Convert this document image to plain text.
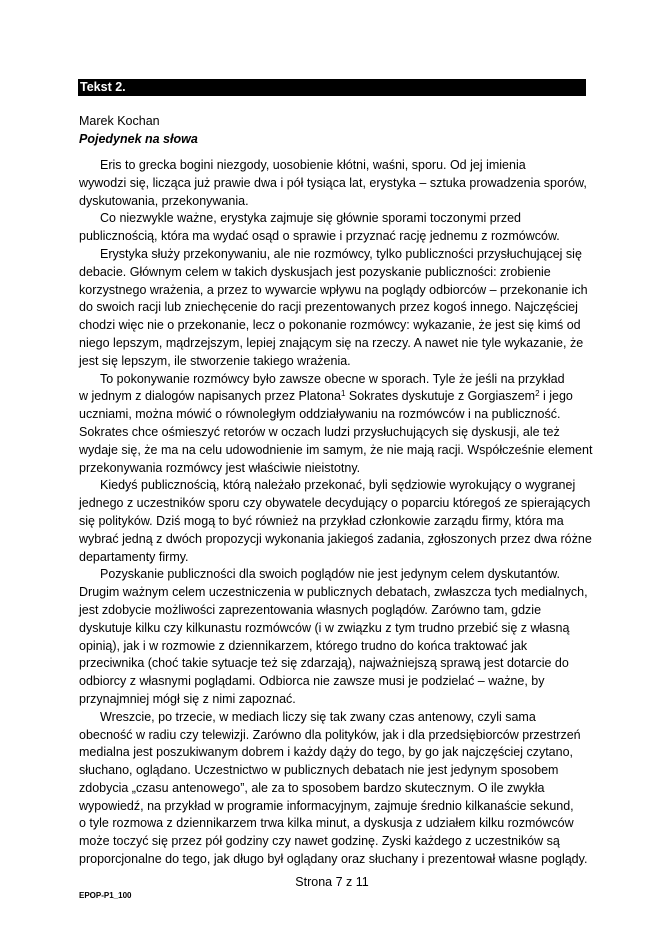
Tekst 2.
Marek Kochan
Pojedynek na słowa

Eris to grecka bogini niezgody, uosobienie kłótni, waśni, sporu. Od jej imienia
wywodzi się, licząca już prawie dwa i pół tysiąca lat, erystyka – sztuka prowadzenia sporów,
dyskutowania, przekonywania.

Co niezwykle ważne, erystyka zajmuje się głównie sporami toczonymi przed
publicznością, która ma wydać osąd o sprawie i przyznać rację jednemu z rozmówców.

Erystyka służy przekonywaniu, ale nie rozmówcy, tylko publiczności przysłuchującej się
debacie. Głównym celem w takich dyskusjach jest pozyskanie publiczności: zrobienie
korzystnego wrażenia, a przez to wywarcie wpływu na poglądy odbiorców – przekonanie ich
do swoich racji lub zniechęcenie do racji prezentowanych przez kogoś innego. Najczęściej
chodzi więc nie o przekonanie, lecz o pokonanie rozmówcy: wykazanie, że jest się kimś od
niego lepszym, mądrzejszym, lepiej znającym się na rzeczy. A nawet nie tyle wykazanie, że
jest się lepszym, ile stworzenie takiego wrażenia.

To pokonywanie rozmówcy było zawsze obecne w sporach. Tyle że jeśli na przykład
w jednym z dialogów napisanych przez Platona$^1$ Sokrates dyskutuje z Gorgiaszem$^2$ i jego
uczniami, można mówić o równoległym oddziaływaniu na rozmówców i na publiczność.
Sokrates chce ośmieszyć retorów w oczach ludzi przysłuchujących się dyskusji, ale też
wydaje się, że ma na celu udowodnienie im samym, że nie mają racji. Współcześnie element
przekonywania rozmówcy jest właściwie nieistotny.

Kiedyś publicznością, którą należało przekonać, byli sędziowie wyrokujący o wygranej
jednego z uczestników sporu czy obywatele decydujący o poparciu któregoś ze spierających
się polityków. Dziś mogą to być również na przykład członkowie zarządu firmy, która ma
wybrać jedną z dwóch propozycji wykonania jakiegoś zadania, zgłoszonych przez dwa różne
departamenty firmy.

Pozyskanie publiczności dla swoich poglądów nie jest jedynym celem dyskutantów.
Drugim ważnym celem uczestniczenia w publicznych debatach, zwłaszcza tych medialnych,
jest zdobycie możliwości zaprezentowania własnych poglądów. Zarówno tam, gdzie
dyskutuje kilku czy kilkunastu rozmówców (i w związku z tym trudno przebić się z własną
opinią), jak i w rozmowie z dziennikarzem, którego trudno do końca traktować jak
przeciwnika (choć takie sytuacje też się zdarzają), najważniejszą sprawą jest dotarcie do
odbiorcy z własnymi poglądami. Odbiorca nie zawsze musi je podzielać – ważne, by
przynajmniej mógł się z nimi zapoznać.

Wreszcie, po trzecie, w mediach liczy się tak zwany czas antenowy, czyli sama
obecność w radiu czy telewizji. Zarówno dla polityków, jak i dla przedsiębiorców przestrzeń
medialna jest poszukiwanym dobrem i każdy dąży do tego, by go jak najczęściej czytano,
słuchano, oglądano. Uczestnictwo w publicznych debatach nie jest jedynym sposobem
zdobycia „czasu antenowego”, ale za to sposobem bardzo skutecznym. O ile zwykła
wypowiedź, na przykład w programie informacyjnym, zajmuje średnio kilkanaście sekund,
o tyle rozmowa z dziennikarzem trwa kilka minut, a dyskusja z udziałem kilku rozmówców
może toczyć się przez pół godziny czy nawet godzinę. Zyski każdego z uczestników są
proporcjonalne do tego, jak długo był oglądany oraz słuchany i prezentował własne poglądy.

Strona 7 z 11
EPOP-P1_100
